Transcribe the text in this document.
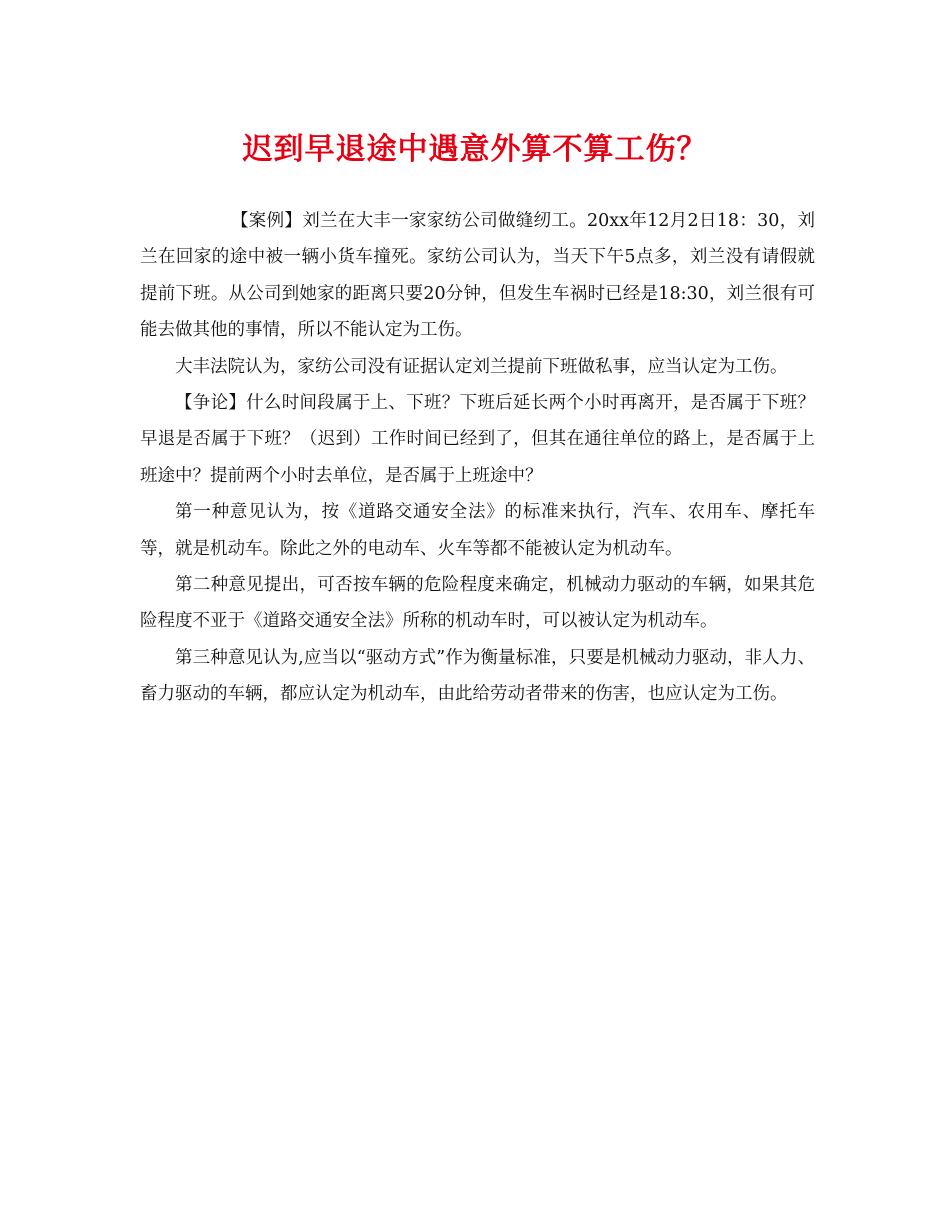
迟到早退途中遇意外算不算工伤？

【案例】刘兰在大丰一家家纺公司做缝纫工。20xx年12月2日18：30，刘兰在回家的途中被一辆小货车撞死。家纺公司认为，当天下午5点多，刘兰没有请假就提前下班。从公司到她家的距离只要20分钟，但发生车祸时已经是18:30，刘兰很有可能去做其他的事情，所以不能认定为工伤。

大丰法院认为，家纺公司没有证据认定刘兰提前下班做私事，应当认定为工伤。

【争论】什么时间段属于上、下班？下班后延长两个小时再离开，是否属于下班？早退是否属于下班？（迟到）工作时间已经到了，但其在通往单位的路上，是否属于上班途中？提前两个小时去单位，是否属于上班途中？

第一种意见认为，按《道路交通安全法》的标准来执行，汽车、农用车、摩托车等，就是机动车。除此之外的电动车、火车等都不能被认定为机动车。

第二种意见提出，可否按车辆的危险程度来确定，机械动力驱动的车辆，如果其危险程度不亚于《道路交通安全法》所称的机动车时，可以被认定为机动车。

第三种意见认为,应当以“驱动方式”作为衡量标准，只要是机械动力驱动，非人力、畜力驱动的车辆，都应认定为机动车，由此给劳动者带来的伤害，也应认定为工伤。
